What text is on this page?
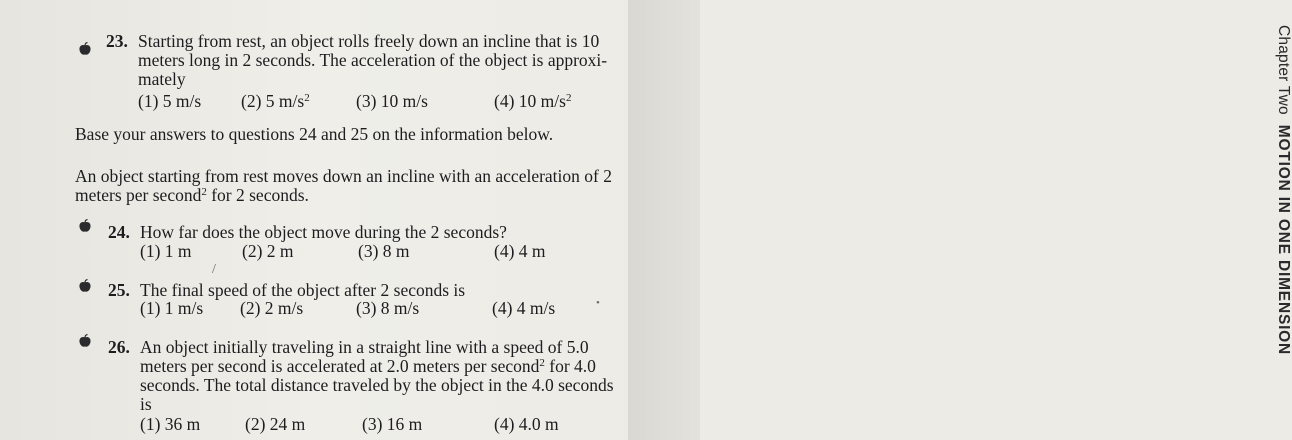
Chapter TwoMOTION IN ONE DIMENSION
23. Starting from rest, an object rolls freely down an incline that is 10
meters long in 2 seconds. The acceleration of the object is approxi-
mately
(1) 5 m/s (2) 5 $m/s^2$	(3) 10 m/s	(4) 10 $m/s^2$
Base your answers to questions 24 and 25 on the information below.
An object starting from rest moves down an incline with an acceleration of 2
meters per second$^2$ for 2 seconds.
24. How far does the object move during the 2 seconds?
(1) 1 m	(2) 2 m	(3) 8 m	(4) 4 m
/
25. The final speed of the object after 2 seconds is
(1) 1 m/s (2) 2 m/s	(3) 8 m/s	(4) 4 m/s	•
26. An object initially traveling in a straight line with a speed of 5.0
meters per second is accelerated at 2.0 meters per second$^2$ for 4.0
seconds. The total distance traveled by the object in the 4.0 seconds
is
(1) 36 m	(2) 24 m	(3) 16 m	(4) 4.0 m
